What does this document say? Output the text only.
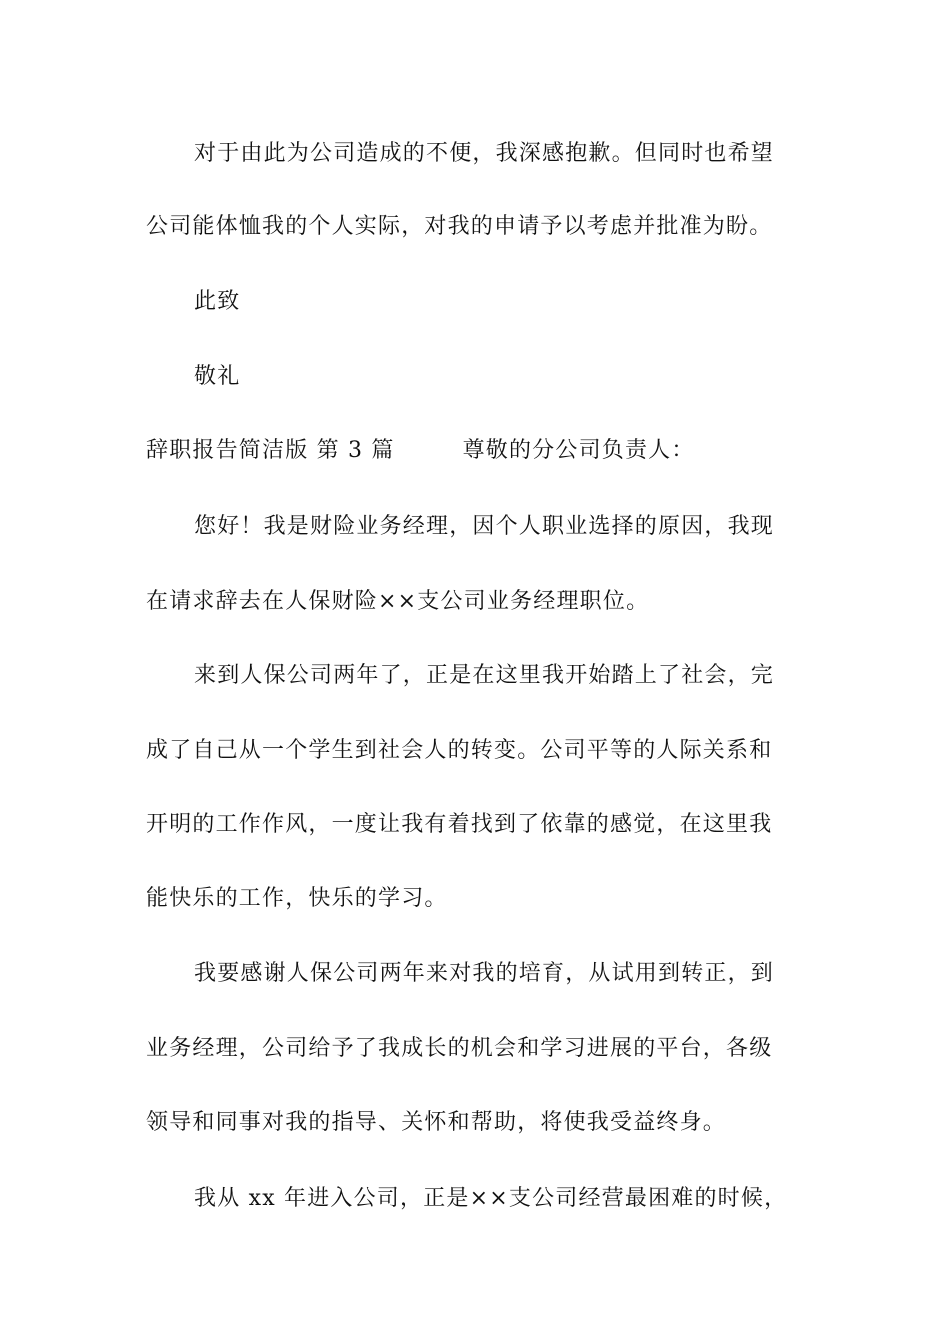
对于由此为公司造成的不便，我深感抱歉。但同时也希望
公司能体恤我的个人实际，对我的申请予以考虑并批准为盼。
此致
敬礼
辞职报告简洁版 第 3 篇	尊敬的分公司负责人：
您好！我是财险业务经理，因个人职业选择的原因，我现
在请求辞去在人保财险××支公司业务经理职位。
来到人保公司两年了，正是在这里我开始踏上了社会，完
成了自己从一个学生到社会人的转变。公司平等的人际关系和
开明的工作作风，一度让我有着找到了依靠的感觉，在这里我
能快乐的工作，快乐的学习。
我要感谢人保公司两年来对我的培育，从试用到转正，到
业务经理，公司给予了我成长的机会和学习进展的平台，各级
领导和同事对我的指导、关怀和帮助，将使我受益终身。
我从 xx 年进入公司，正是××支公司经营最困难的时候，
